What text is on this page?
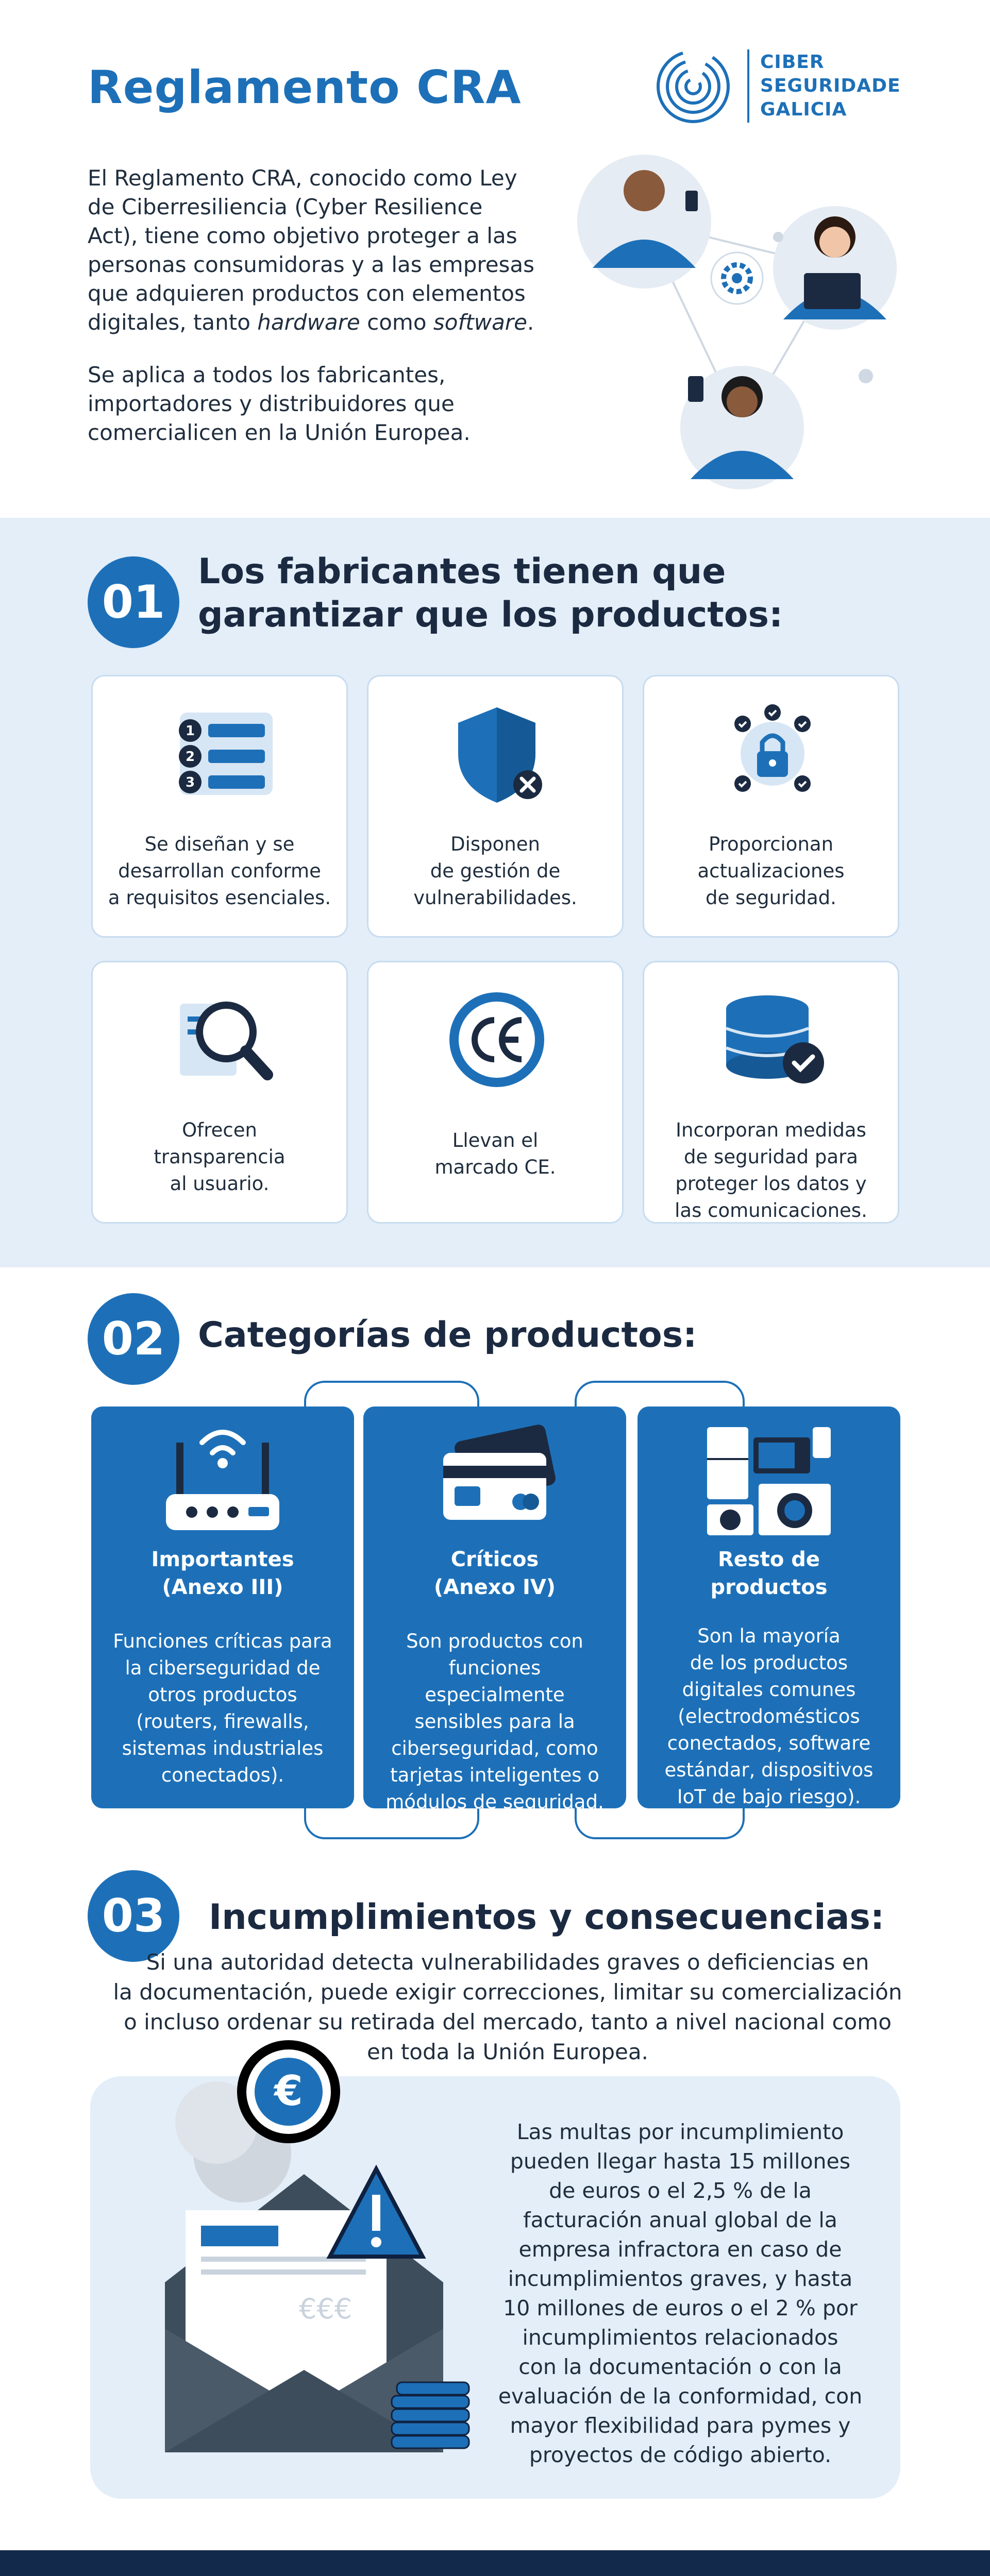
Reglamento CRA
El Reglamento CRA, conocido como Ley
de Ciberresiliencia (Cyber Resilience
Act), tiene como objetivo proteger a las
personas consumidoras y a las empresas
que adquieren productos con elementos
digitales, tanto hardware como software.
Se aplica a todos los fabricantes,
importadores y distribuidores que
comercialicen en la Unión Europea.
CIBER
SEGURIDADE
GALICIA
01
Los fabricantes tienen que
garantizar que los productos:
1
2
3
Se diseñan y se
desarrollan conforme
a requisitos esenciales.
Disponen
de gestión de
vulnerabilidades.
Proporcionan
actualizaciones
de seguridad.
Ofrecen
transparencia
al usuario.
Llevan el
marcado CE.
Incorporan medidas
de seguridad para
proteger los datos y
las comunicaciones.
02 Categorías de productos:
Importantes
(Anexo III)
Funciones críticas para
la ciberseguridad de
otros productos
(routers, firewalls,
sistemas industriales
conectados).
Críticos
(Anexo IV)
Son productos con
funciones especialmente
sensibles para la
ciberseguridad, como
tarjetas inteligentes o
módulos de seguridad.
Resto de
productos
Son la mayoría
de los productos
digitales comunes
(electrodomésticos
conectados, software
estándar, dispositivos
IoT de bajo riesgo).
03	Incumplimientos y consecuencias:
Si una autoridad detecta vulnerabilidades graves o deficiencias en
la documentación, puede exigir correcciones, limitar su comercialización
o incluso ordenar su retirada del mercado, tanto a nivel nacional como
en toda la Unión Europea.
€
€€€
Las multas por incumplimiento
pueden llegar hasta 15 millones
de euros o el 2,5 % de la
facturación anual global de la
empresa infractora en caso de
incumplimientos graves, y hasta
10 millones de euros o el 2 % por
incumplimientos relacionados
con la documentación o con la
evaluación de la conformidad, con
mayor flexibilidad para pymes y
proyectos de código abierto.
